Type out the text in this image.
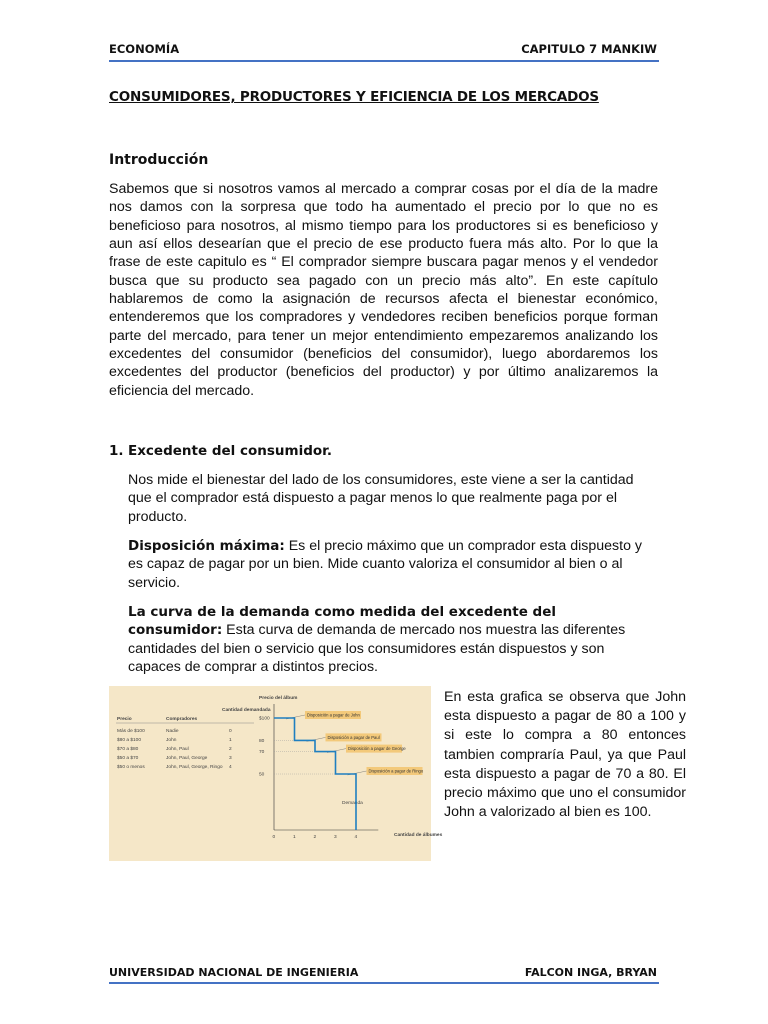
ECONOMÍA	CAPITULO 7 MANKIW
CONSUMIDORES, PRODUCTORES Y EFICIENCIA DE LOS MERCADOS
Introducción
Sabemos que si nosotros vamos al mercado a comprar cosas por el día de la madre nos damos con la sorpresa que todo ha aumentado el precio por lo que no es beneficioso para nosotros, al mismo tiempo para los productores si es beneficioso y aun así ellos desearían que el precio de ese producto fuera más alto. Por lo que la frase de este capitulo es “ El comprador siempre buscara pagar menos y el vendedor busca que su producto sea pagado con un precio más alto”. En este capítulo hablaremos de como la asignación de recursos afecta el bienestar económico, entenderemos que los compradores y vendedores reciben beneficios porque forman parte del mercado, para tener un mejor entendimiento empezaremos analizando los excedentes del consumidor (beneficios del consumidor), luego abordaremos los excedentes del productor (beneficios del productor) y por último analizaremos la eficiencia del mercado.
1. Excedente del consumidor.
Nos mide el bienestar del lado de los consumidores, este viene a ser la cantidad que el comprador está dispuesto a pagar menos lo que realmente paga por el producto.
Disposición máxima: Es el precio máximo que un comprador esta dispuesto y es capaz de pagar por un bien. Mide cuanto valoriza el consumidor al bien o al servicio.
La curva de la demanda como medida del excedente del consumidor: Esta curva de demanda de mercado nos muestra las diferentes cantidades del bien o servicio que los consumidores están dispuestos y son capaces de comprar a distintos precios.
Precio	Compradores
Cantidad demandada
Más de $100	Nadie	0
$80 a $100	John	1
$70 a $80	John, Paul	2
$50 a $70	John, Paul, George	3
$50 o menos	John, Paul, George, Ringo 4
Precio del álbum
Cantidad de álbumes
Demanda
0	1	2	3	4
$100
Disposición a pagar de John
80
Disposición a pagar de Paul
70
Disposición a pagar de George
50
Disposición a pagar de Ringo
En esta grafica se observa que John esta dispuesto a pagar de 80 a 100 y si este lo compra a 80 entonces tambien compraría Paul, ya que Paul esta dispuesto a pagar de 70 a 80. El precio máximo que uno el consumidor John a valorizado al bien es 100.
UNIVERSIDAD NACIONAL DE INGENIERIA	FALCON INGA, BRYAN
